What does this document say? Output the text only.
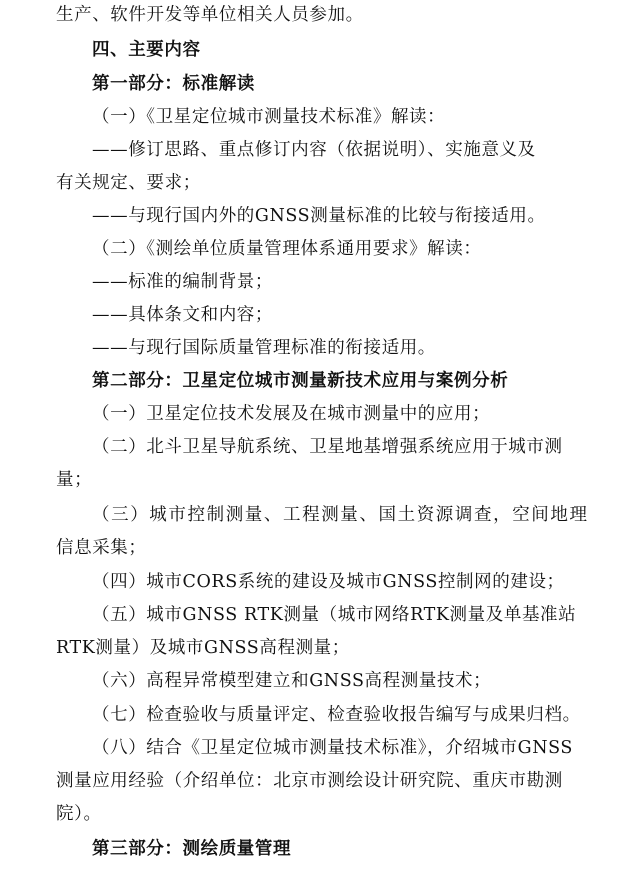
生产、软件开发等单位相关人员参加。
四、主要内容
第一部分：标准解读
（一）《卫星定位城市测量技术标准》解读：
——修订思路、重点修订内容（依据说明）、实施意义及
有关规定、要求；
——与现行国内外的GNSS测量标准的比较与衔接适用。
（二）《测绘单位质量管理体系通用要求》解读：
——标准的编制背景；
——具体条文和内容；
——与现行国际质量管理标准的衔接适用。
第二部分：卫星定位城市测量新技术应用与案例分析
（一）卫星定位技术发展及在城市测量中的应用；
（二）北斗卫星导航系统、卫星地基增强系统应用于城市测
量；
（三）城市控制测量、工程测量、国土资源调查，空间地理
信息采集；
（四）城市CORS系统的建设及城市GNSS控制网的建设；
（五）城市GNSS RTK测量（城市网络RTK测量及单基准站
RTK测量）及城市GNSS高程测量；
（六）高程异常模型建立和GNSS高程测量技术；
（七）检查验收与质量评定、检查验收报告编写与成果归档。
（八）结合《卫星定位城市测量技术标准》，介绍城市GNSS
测量应用经验（介绍单位：北京市测绘设计研究院、重庆市勘测
院）。
第三部分：测绘质量管理
